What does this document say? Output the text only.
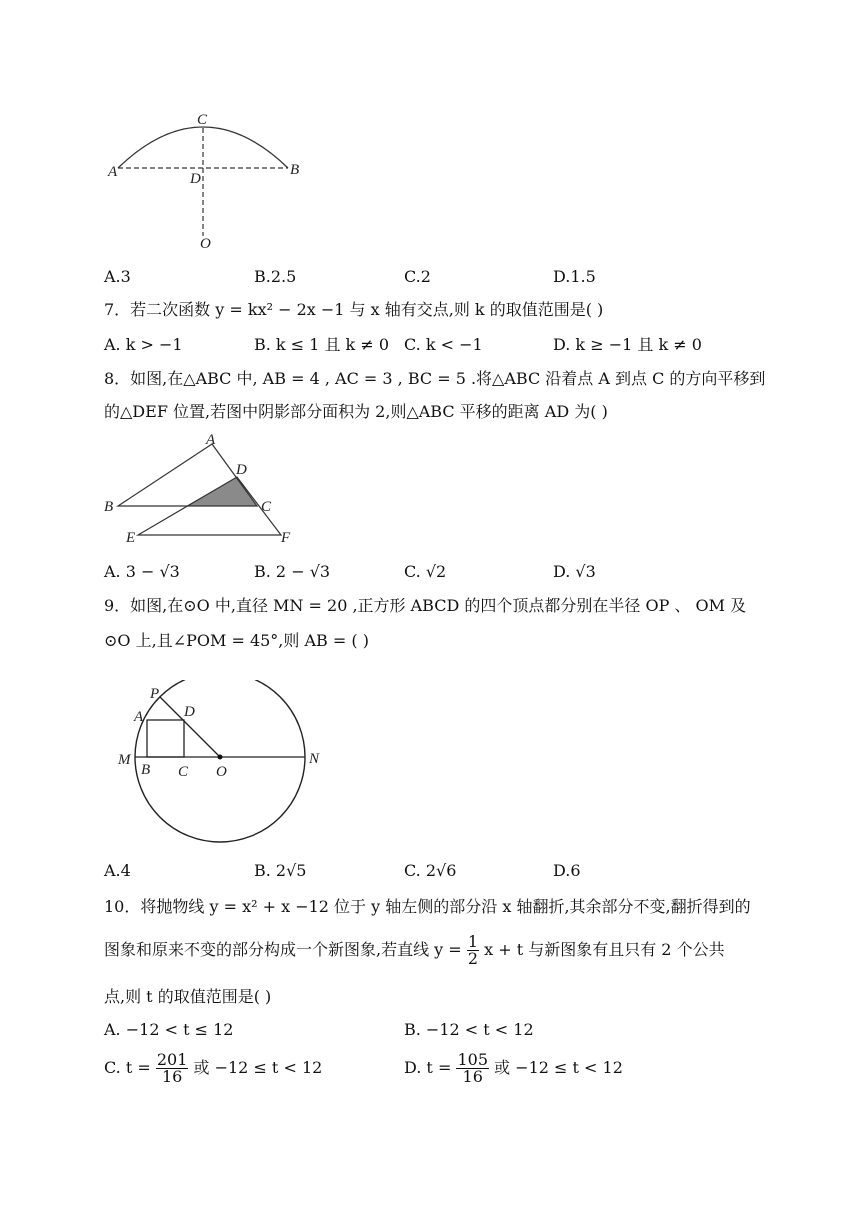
C
A	D
B
O
A.3	B.2.5	C.2	D.1.5
7．若二次函数 y = kx² − 2x −1 与 x 轴有交点,则 k 的取值范围是( )
A. k > −1	B. k ≤ 1 且 k ≠ 0 C. k < −1	D. k ≥ −1 且 k ≠ 0
8．如图,在△ABC 中, AB = 4 , AC = 3 , BC = 5 .将△ABC 沿着点 A 到点 C 的方向平移到
的△DEF 位置,若图中阴影部分面积为 2,则△ABC 平移的距离 AD 为( )
A
D
B	C
E	F
A. 3 − √3	B. 2 − √3	C. √2	D. √3
9．如图,在⊙O 中,直径 MN = 20 ,正方形 ABCD 的四个顶点都分别在半径 OP 、 OM 及
⊙O 上,且∠POM = 45°,则 AB = ( )
P
A	D
M
B C O
N
A.4	B. 2√5	C. 2√6	D.6
10．将抛物线 y = x² + x −12 位于 y 轴左侧的部分沿 x 轴翻折,其余部分不变,翻折得到的
图象和原来不变的部分构成一个新图象,若直线 $y = \frac{1}{2}$ x + t 与新图象有且只有 2 个公共
点,则 t 的取值范围是( )
A. −12 < t ≤ 12	B. −12 < t < 12
C. $t = \frac{201}{16}$ 或 −12 ≤ t < 12	D. $t = \frac{105}{16}$ 或 −12 ≤ t < 12
